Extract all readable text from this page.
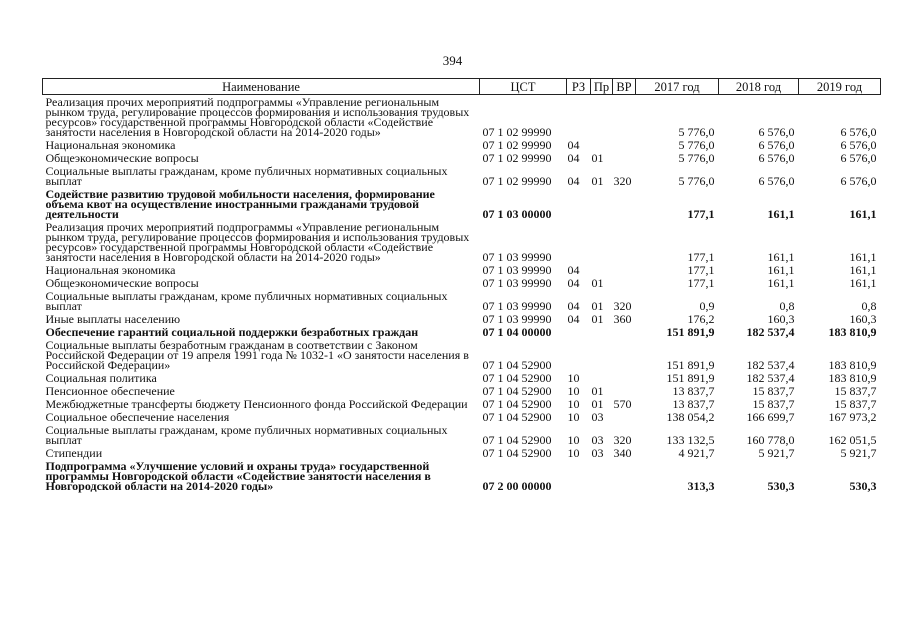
394
Наименование	ЦСТ	РЗ	Пр	ВР	2017 год	2018 год	2019 год
Реализация прочих мероприятий подпрограммы «Управление региональным рынком труда, регулирование процессов формирования и использования трудовых ресурсов» государственной программы Новгородской области «Содействие занятости населения в Новгородской области на 2014-2020 годы»	07 1 02 99990				5 776,0	6 576,0	6 576,0
Национальная экономика	07 1 02 99990	04			5 776,0	6 576,0	6 576,0
Общеэкономические вопросы	07 1 02 99990	04	01		5 776,0	6 576,0	6 576,0
Социальные выплаты гражданам, кроме публичных нормативных социальных выплат	07 1 02 99990	04	01	320	5 776,0	6 576,0	6 576,0
Содействие развитию трудовой мобильности населения, формирование объема квот на осуществление иностранными гражданами трудовой деятельности	07 1 03 00000				177,1	161,1	161,1
Реализация прочих мероприятий подпрограммы «Управление региональным рынком труда, регулирование процессов формирования и использования трудовых ресурсов» государственной программы Новгородской области «Содействие занятости населения в Новгородской области на 2014-2020 годы»	07 1 03 99990				177,1	161,1	161,1
Национальная экономика	07 1 03 99990	04			177,1	161,1	161,1
Общеэкономические вопросы	07 1 03 99990	04	01		177,1	161,1	161,1
Социальные выплаты гражданам, кроме публичных нормативных социальных выплат	07 1 03 99990	04	01	320	0,9	0,8	0,8
Иные выплаты населению	07 1 03 99990	04	01	360	176,2	160,3	160,3
Обеспечение гарантий социальной поддержки безработных граждан	07 1 04 00000				151 891,9	182 537,4	183 810,9
Социальные выплаты безработным гражданам в соответствии с Законом Российской Федерации от 19 апреля 1991 года № 1032-1 «О занятости населения в Российской Федерации»	07 1 04 52900				151 891,9	182 537,4	183 810,9
Социальная политика	07 1 04 52900	10			151 891,9	182 537,4	183 810,9
Пенсионное обеспечение	07 1 04 52900	10	01		13 837,7	15 837,7	15 837,7
Межбюджетные трансферты бюджету Пенсионного фонда Российской Федерации	07 1 04 52900	10	01	570	13 837,7	15 837,7	15 837,7
Социальное обеспечение населения	07 1 04 52900	10	03		138 054,2	166 699,7	167 973,2
Социальные выплаты гражданам, кроме публичных нормативных социальных выплат	07 1 04 52900	10	03	320	133 132,5	160 778,0	162 051,5
Стипендии	07 1 04 52900	10	03	340	4 921,7	5 921,7	5 921,7
Подпрограмма «Улучшение условий и охраны труда» государственной программы Новгородской области «Содействие занятости населения в Новгородской области на 2014-2020 годы»	07 2 00 00000				313,3	530,3	530,3
